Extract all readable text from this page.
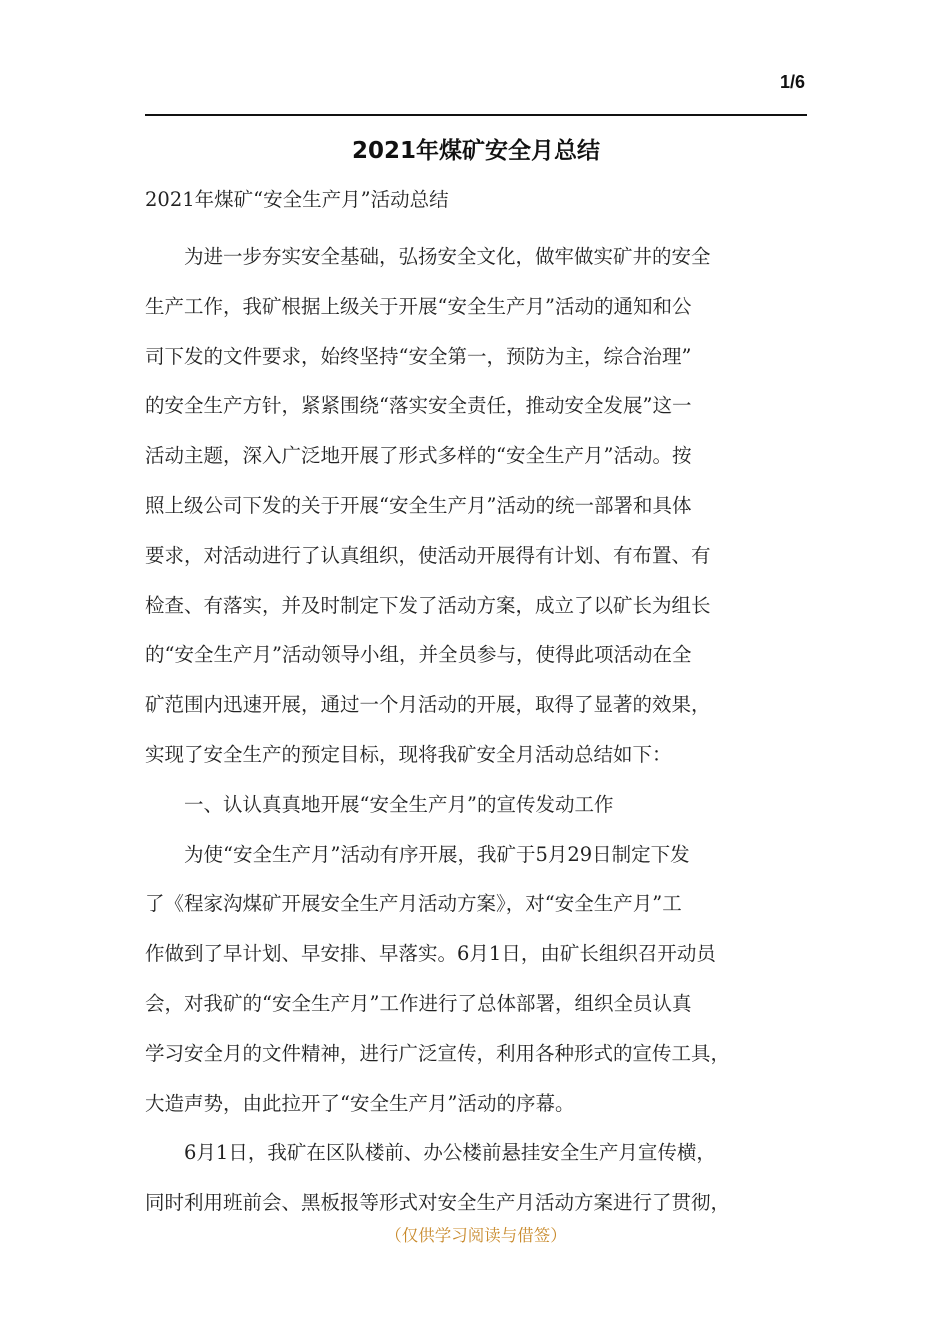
1/6
2021年煤矿安全月总结

2021年煤矿“安全生产月”活动总结

　　为进一步夯实安全基础，弘扬安全文化，做牢做实矿井的安全
生产工作，我矿根据上级关于开展“安全生产月”活动的通知和公
司下发的文件要求，始终坚持“安全第一，预防为主，综合治理”
的安全生产方针，紧紧围绕“落实安全责任，推动安全发展”这一
活动主题，深入广泛地开展了形式多样的“安全生产月”活动。按
照上级公司下发的关于开展“安全生产月”活动的统一部署和具体
要求，对活动进行了认真组织，使活动开展得有计划、有布置、有
检查、有落实，并及时制定下发了活动方案，成立了以矿长为组长
的“安全生产月”活动领导小组，并全员参与，使得此项活动在全
矿范围内迅速开展，通过一个月活动的开展，取得了显著的效果，
实现了安全生产的预定目标，现将我矿安全月活动总结如下：
　　一、认认真真地开展“安全生产月”的宣传发动工作
　　为使“安全生产月”活动有序开展，我矿于5月29日制定下发
了《程家沟煤矿开展安全生产月活动方案》，对“安全生产月”工
作做到了早计划、早安排、早落实。6月1日，由矿长组织召开动员
会，对我矿的“安全生产月”工作进行了总体部署，组织全员认真
学习安全月的文件精神，进行广泛宣传，利用各种形式的宣传工具，
大造声势，由此拉开了“安全生产月”活动的序幕。
　　6月1日，我矿在区队楼前、办公楼前悬挂安全生产月宣传横，
同时利用班前会、黑板报等形式对安全生产月活动方案进行了贯彻，

（仅供学习阅读与借签）
